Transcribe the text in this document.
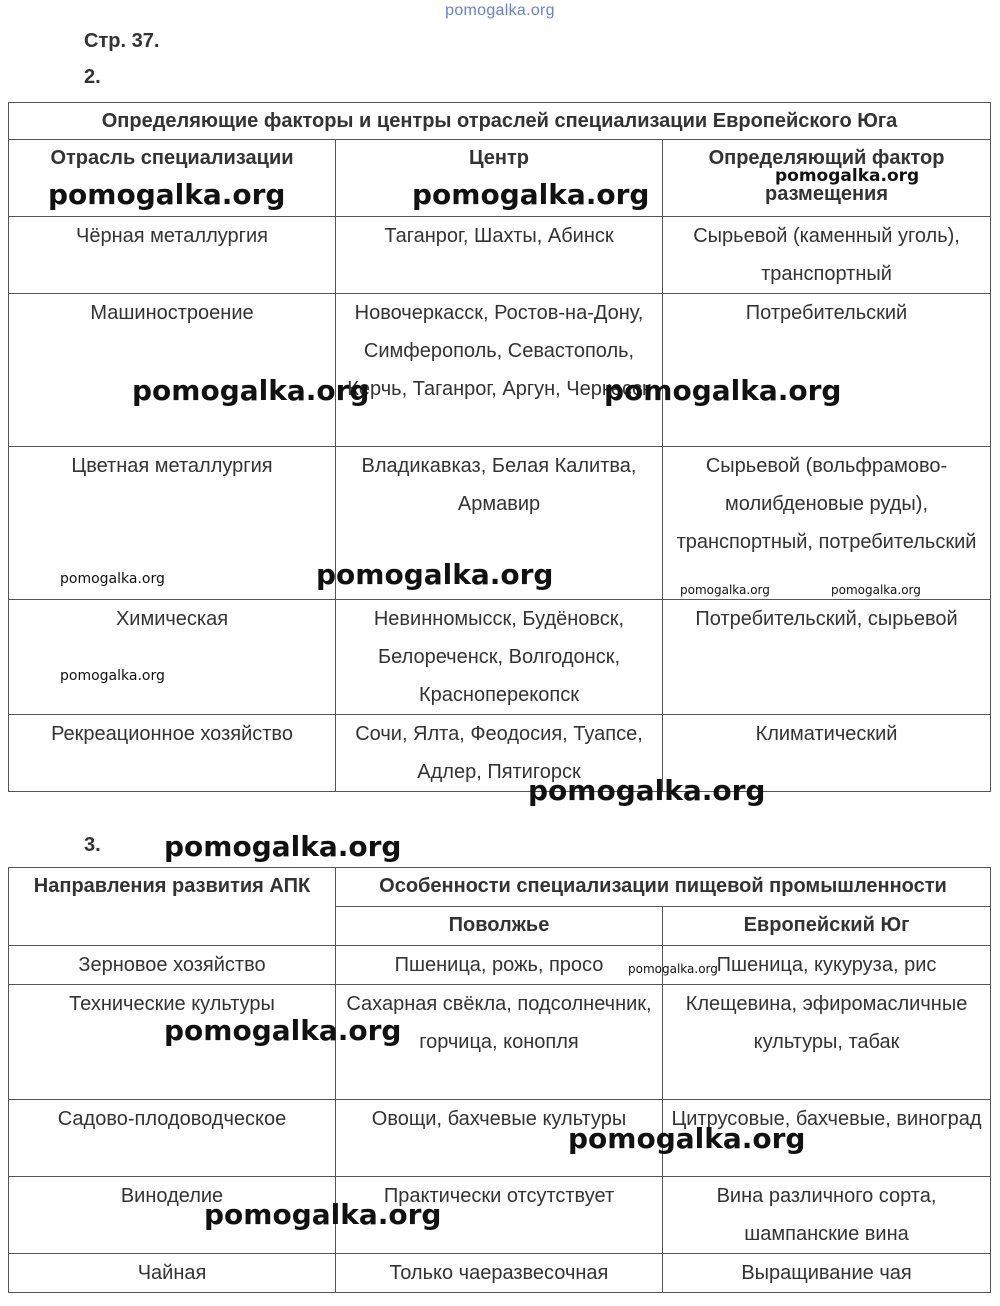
pomogalka.org
Стр. 37.
2.
Определяющие факторы и центры отраслей специализации Европейского Юга		
Отрасль специализации	Центр	Определяющий фактор размещения
Чёрная металлургия	Таганрог, Шахты, Абинск	Сырьевой (каменный уголь), транспортный
Машиностроение	Новочеркасск, Ростов-на-Дону, Симферополь, Севастополь, Керчь, Таганрог, Аргун, Черкесск	Потребительский
Цветная металлургия	Владикавказ, Белая Калитва, Армавир	Сырьевой (вольфрамово-молибденовые руды), транспортный, потребительский
Химическая	Невинномысск, Будёновск, Белореченск, Волгодонск, Красноперекопск	Потребительский, сырьевой
Рекреационное хозяйство	Сочи, Ялта, Феодосия, Туапсе, Адлер, Пятигорск	Климатический
3.
Направления развития АПК	Особенности специализации пищевой промышленности	
	Поволжье	Европейский Юг
Зерновое хозяйство	Пшеница, рожь, просо	Пшеница, кукуруза, рис
Технические культуры	Сахарная свёкла, подсолнечник, горчица, конопля	Клещевина, эфиромасличные культуры, табак
Садово-плодоводческое	Овощи, бахчевые культуры	Цитрусовые, бахчевые, виноград
Виноделие	Практически отсутствует	Вина различного сорта, шампанские вина
Чайная	Только чаеразвесочная	Выращивание чая
pomogalka.org	pomogalka.org
pomogalka.org
pomogalka.org	pomogalka.org
pomogalka.org	pomogalka.org	pomogalka.org	pomogalka.org
pomogalka.org
pomogalka.org
pomogalka.org
pomogalka.org
pomogalka.org
pomogalka.org
pomogalka.org
